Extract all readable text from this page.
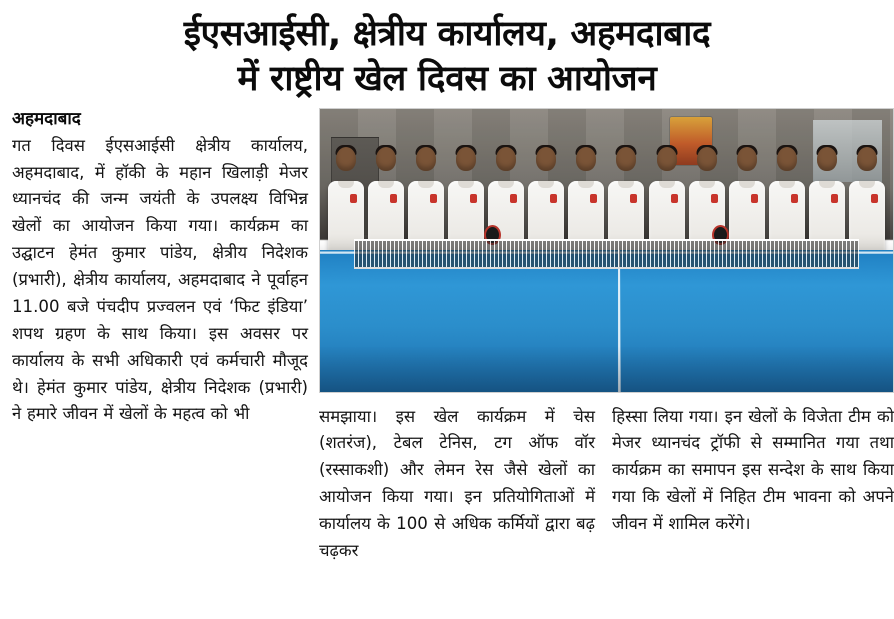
ईएसआईसी, क्षेत्रीय कार्यालय, अहमदाबाद
में राष्ट्रीय खेल दिवस का आयोजन
अहमदाबाद
गत दिवस ईएसआईसी क्षेत्रीय कार्यालय, अहमदाबाद, में हॉकी के महान खिलाड़ी मेजर ध्यानचंद की जन्म जयंती के उपलक्ष्य विभिन्न खेलों का आयोजन किया गया। कार्यक्रम का उद्घाटन हेमंत कुमार पांडेय, क्षेत्रीय निदेशक (प्रभारी), क्षेत्रीय कार्यालय, अहमदाबाद ने पूर्वाहन 11.00 बजे पंचदीप प्रज्वलन एवं ‘फिट इंडिया’ शपथ ग्रहण के साथ किया। इस अवसर पर कार्यालय के सभी अधिकारी एवं कर्मचारी मौजूद थे। हेमंत कुमार पांडेय, क्षेत्रीय निदेशक (प्रभारी) ने हमारे जीवन में खेलों के महत्व को भी	समझाया। इस खेल कार्यक्रम में चेस (शतरंज), टेबल टेनिस, टग ऑफ वॉर (रस्साकशी) और लेमन रेस जैसे खेलों का आयोजन किया गया। इन प्रतियोगिताओं में कार्यालय के 100 से अधिक कर्मियों द्वारा बढ़ चढ़कर
हिस्सा लिया गया। इन खेलों के विजेता टीम को मेजर ध्यानचंद ट्रॉफी से सम्मानित गया तथा कार्यक्रम का समापन इस सन्देश के साथ किया गया कि खेलों में निहित टीम भावना को अपने जीवन में शामिल करेंगे।
